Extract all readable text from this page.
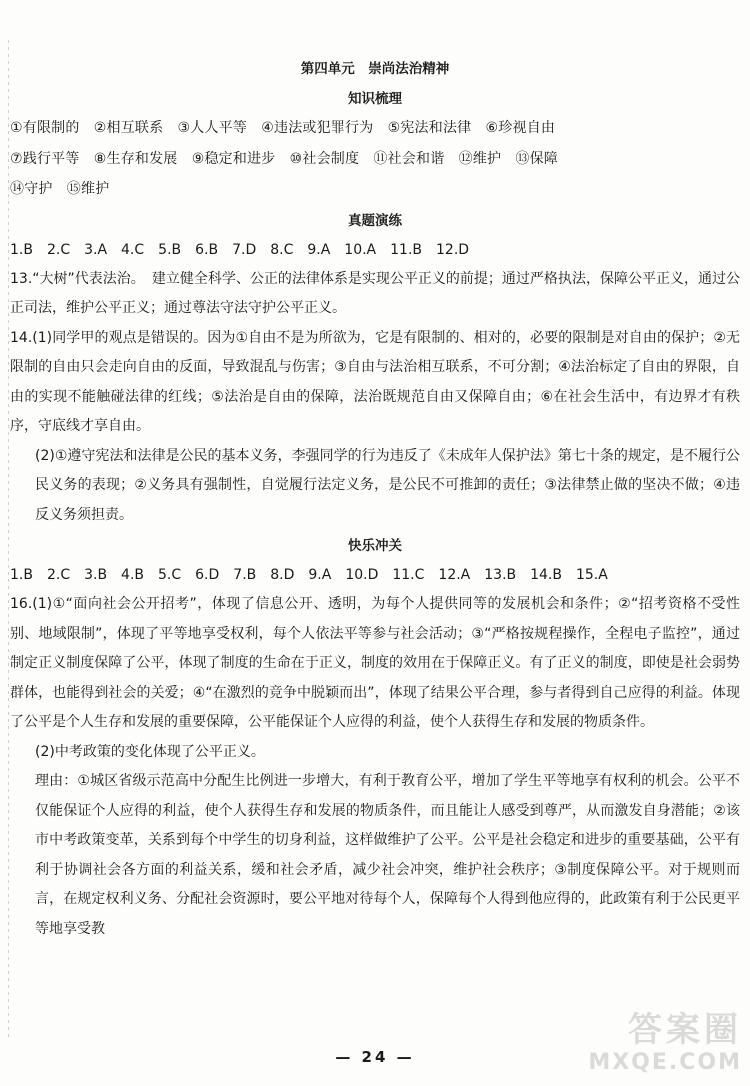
第四单元　崇尚法治精神
知识梳理
①有限制的　②相互联系　③人人平等　④违法或犯罪行为　⑤宪法和法律　⑥珍视自由
⑦践行平等　⑧生存和发展　⑨稳定和进步　⑩社会制度　⑪社会和谐　⑫维护　⑬保障
⑭守护　⑮维护
真题演练
1.B　2.C　3.A　4.C　5.B　6.B　7.D　8.C　9.A　10.A　11.B　12.D
13.“大树”代表法治。　建立健全科学、公正的法律体系是实现公平正义的前提；通过严格执法，保障公平正义，通过公正司法，维护公平正义；通过尊法守法守护公平正义。
14.(1)同学甲的观点是错误的。因为①自由不是为所欲为，它是有限制的、相对的，必要的限制是对自由的保护；②无限制的自由只会走向自由的反面，导致混乱与伤害；③自由与法治相互联系，不可分割；④法治标定了自由的界限，自由的实现不能触碰法律的红线；⑤法治是自由的保障，法治既规范自由又保障自由；⑥在社会生活中，有边界才有秩序，守底线才享自由。
(2)①遵守宪法和法律是公民的基本义务，李强同学的行为违反了《未成年人保护法》第七十条的规定，是不履行公民义务的表现；②义务具有强制性，自觉履行法定义务，是公民不可推卸的责任；③法律禁止做的坚决不做；④违反义务须担责。
快乐冲关
1.B　2.C　3.B　4.B　5.C　6.D　7.B　8.D　9.A　10.D　11.C　12.A　13.B　14.B　15.A
16.(1)①“面向社会公开招考”，体现了信息公开、透明，为每个人提供同等的发展机会和条件；②“招考资格不受性别、地域限制”，体现了平等地享受权利，每个人依法平等参与社会活动；③“严格按规程操作，全程电子监控”，通过制定正义制度保障了公平，体现了制度的生命在于正义，制度的效用在于保障正义。有了正义的制度，即使是社会弱势群体，也能得到社会的关爱；④“在激烈的竞争中脱颖而出”，体现了结果公平合理，参与者得到自己应得的利益。体现了公平是个人生存和发展的重要保障，公平能保证个人应得的利益，使个人获得生存和发展的物质条件。
(2)中考政策的变化体现了公平正义。
理由：①城区省级示范高中分配生比例进一步增大，有利于教育公平，增加了学生平等地享有权利的机会。公平不仅能保证个人应得的利益，使个人获得生存和发展的物质条件，而且能让人感受到尊严，从而激发自身潜能；②该市中考政策变革，关系到每个中学生的切身利益，这样做维护了公平。公平是社会稳定和进步的重要基础，公平有利于协调社会各方面的利益关系，缓和社会矛盾，减少社会冲突，维护社会秩序；③制度保障公平。对于规则而言，在规定权利义务、分配社会资源时，要公平地对待每个人，保障每个人得到他应得的，此政策有利于公民更平等地享受教
— 24 —
答案圈
MXQE.COM
